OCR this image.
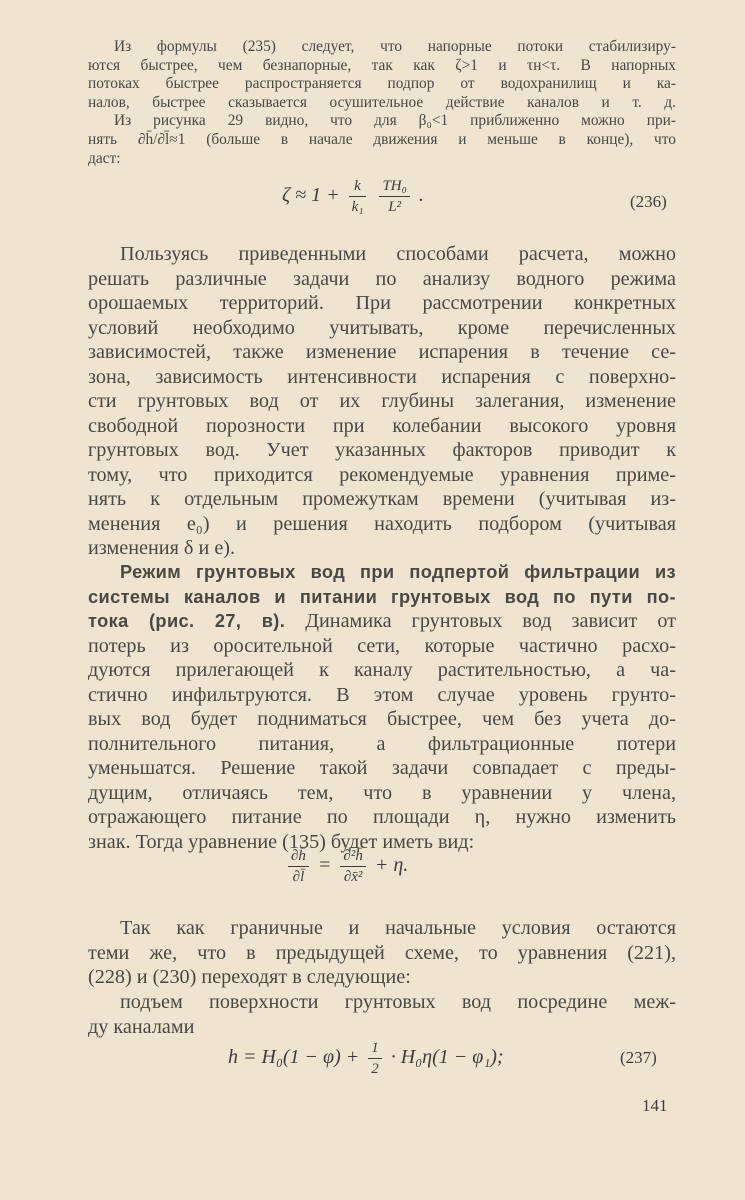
Из формулы (235) следует, что напорные потоки стабилизиру-

ются быстрее, чем безнапорные, так как ζ>1 и τн<τ. В напорных

потоках быстрее распространяется подпор от водохранилищ и ка-

налов, быстрее сказывается осушительное действие каналов и т. д.

Из рисунка 29 видно, что для β₀<1 приближенно можно при-

нять ∂h̄/∂l̄≈1 (больше в начале движения и меньше в конце), что

даст:

$\zeta \approx 1 + \frac{k}{\text{k₁}}$
$\frac{\text{TH₀}}{\text{L²}}$ .	(236)

Пользуясь приведенными способами расчета, можно

решать различные задачи по анализу водного режима

орошаемых территорий. При рассмотрении конкретных

условий необходимо учитывать, кроме перечисленных

зависимостей, также изменение испарения в течение се-

зона, зависимость интенсивности испарения с поверхно-

сти грунтовых вод от их глубины залегания, изменение

свободной порозности при колебании высокого уровня

грунтовых вод. Учет указанных факторов приводит к

тому, что приходится рекомендуемые уравнения приме-

нять к отдельным промежуткам времени (учитывая из-

менения e₀) и решения находить подбором (учитывая

изменения δ и e).

Режим грунтовых вод при подпертой фильтрации из

системы каналов и питании грунтовых вод по пути по-

тока (рис. 27, в). Динамика грунтовых вод зависит от

потерь из оросительной сети, которые частично расхо-

дуются прилегающей к каналу растительностью, а ча-

стично инфильтруются. В этом случае уровень грунто-

вых вод будет подниматься быстрее, чем без учета до-

полнительного питания, а фильтрационные потери

уменьшатся. Решение такой задачи совпадает с преды-

дущим, отличаясь тем, что в уравнении у члена,

отражающего питание по площади η, нужно изменить

знак. Тогда уравнение (135) будет иметь вид:

$\frac{\partial h̄}{\partial l̄} = \frac{\text{∂²h̄}}{\text{∂x̄²}} + \eta$.

Так как граничные и начальные условия остаются

теми же, что в предыдущей схеме, то уравнения (221),

(228) и (230) переходят в следующие:

подъем поверхности грунтовых вод посредине меж-

ду каналами

$h = H_0(1 - \varphi) + \frac{1}{2} \cdot H_0\eta(1 - \varphi_1)$;	(237)
141
